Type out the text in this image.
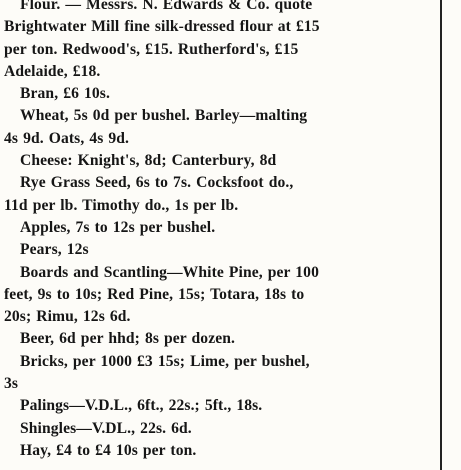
Flour. — Messrs. N. Edwards & Co. quote
Brightwater Mill fine silk-dressed flour at £15
per ton. Redwood's, £15. Rutherford's, £15
Adelaide, £18.
Bran, £6 10s.
Wheat, 5s 0d per bushel. Barley—malting
4s 9d. Oats, 4s 9d.
Cheese: Knight's, 8d; Canterbury, 8d
Rye Grass Seed, 6s to 7s. Cocksfoot do.,
11d per lb. Timothy do., 1s per lb.
Apples, 7s to 12s per bushel.
Pears, 12s
Boards and Scantling—White Pine, per 100
feet, 9s to 10s; Red Pine, 15s; Totara, 18s to
20s; Rimu, 12s 6d.
Beer, 6d per hhd; 8s per dozen.
Bricks, per 1000 £3 15s; Lime, per bushel,
3s
Palings—V.D.L., 6ft., 22s.; 5ft., 18s.
Shingles—V.DL., 22s. 6d.
Hay, £4 to £4 10s per ton.
